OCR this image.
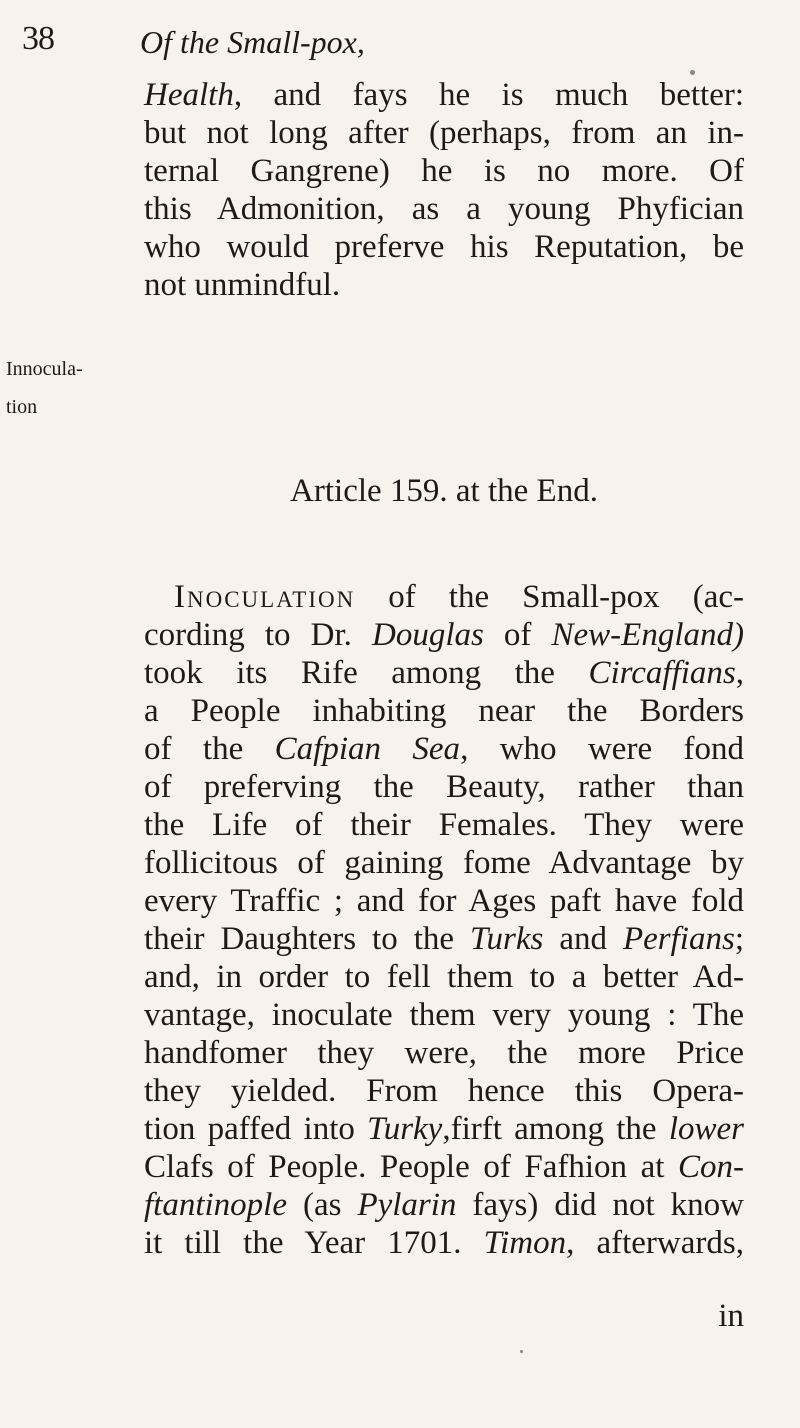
38	Of the Small-pox,
Innocula-
tion
Health, and fays he is much better:
but not long after (perhaps, from an in-
ternal Gangrene) he is no more. Of
this Admonition, as a young Phyfician
who would preferve his Reputation, be
not unmindful.
Article 159. at the End.
Inoculation of the Small-pox (ac-
cording to Dr. Douglas of New-England)
took its Rife among the Circaffians,
a People inhabiting near the Borders
of the Cafpian Sea, who were fond
of preferving the Beauty, rather than
the Life of their Females. They were
follicitous of gaining fome Advantage by
every Traffic ; and for Ages paft have fold
their Daughters to the Turks and Perfians;
and, in order to fell them to a better Ad-
vantage, inoculate them very young : The
handfomer they were, the more Price
they yielded. From hence this Opera-
tion paffed into Turky,firft among the lower
Clafs of People. People of Fafhion at Con-
ftantinople (as Pylarin fays) did not know
it till the Year 1701. Timon, afterwards,
in
